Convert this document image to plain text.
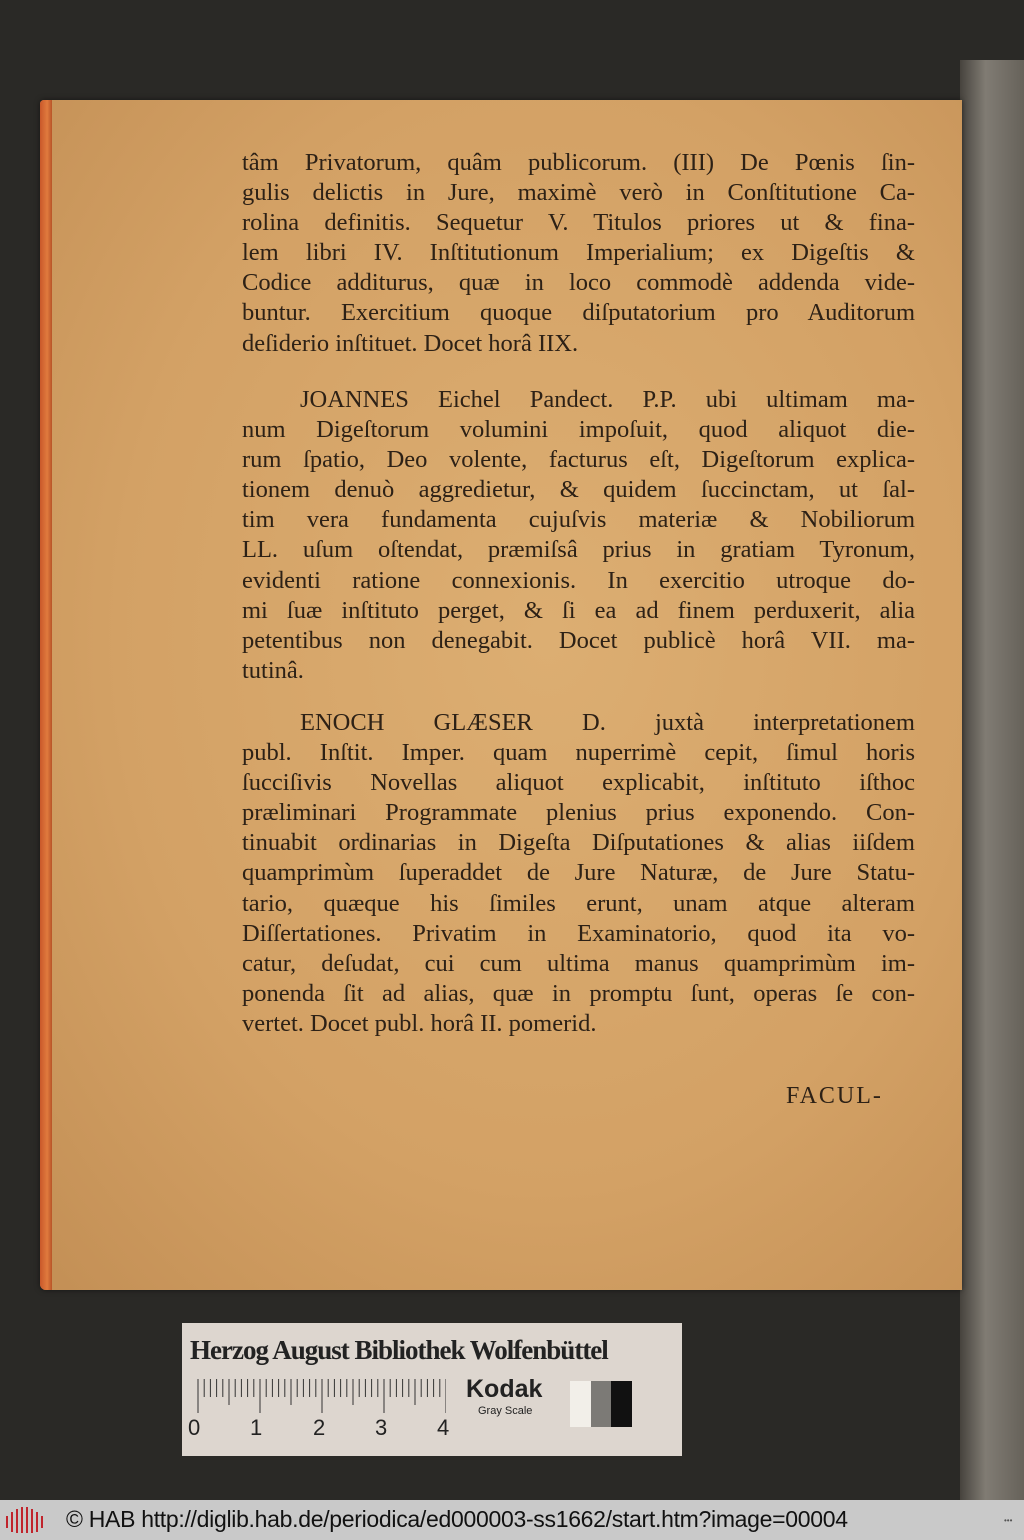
tâm Privatorum, quâm publicorum. (III) De Pœnis ſin-
gulis delictis in Jure, maximè verò in Conſtitutione Ca-
rolina definitis. Sequetur V. Titulos priores ut & fina-
lem libri IV. Inſtitutionum Imperialium; ex Digeſtis &
Codice additurus, quæ in loco commodè addenda vide-
buntur. Exercitium quoque diſputatorium pro Auditorum
deſiderio inſtituet. Docet horâ IIX.
JOANNES Eichel Pandect. P.P. ubi ultimam ma-
num Digeſtorum volumini impoſuit, quod aliquot die-
rum ſpatio, Deo volente, facturus eſt, Digeſtorum explica-
tionem denuò aggredietur, & quidem ſuccinctam, ut ſal-
tim vera fundamenta cujuſvis materiæ & Nobiliorum
LL. uſum oſtendat, præmiſsâ prius in gratiam Tyronum,
evidenti ratione connexionis. In exercitio utroque do-
mi ſuæ inſtituto perget, & ſi ea ad finem perduxerit, alia
petentibus non denegabit. Docet publicè horâ VII. ma-
tutinâ.
ENOCH GLÆSER D. juxtà interpretationem
publ. Inſtit. Imper. quam nuperrimè cepit, ſimul horis
ſucciſivis Novellas aliquot explicabit, inſtituto iſthoc
præliminari Programmate plenius prius exponendo. Con-
tinuabit ordinarias in Digeſta Diſputationes & alias iiſdem
quamprimùm ſuperaddet de Jure Naturæ, de Jure Statu-
tario, quæque his ſimiles erunt, unam atque alteram
Diſſertationes. Privatim in Examinatorio, quod ita vo-
catur, deſudat, cui cum ultima manus quamprimùm im-
ponenda ſit ad alias, quæ in promptu ſunt, operas ſe con-
vertet. Docet publ. horâ II. pomerid.
FACUL-
Herzog August Bibliothek Wolfenbüttel
0 1 2 3 4
Kodak
Gray Scale
© HAB http://diglib.hab.de/periodica/ed000003-ss1662/start.htm?image=00004	•••
